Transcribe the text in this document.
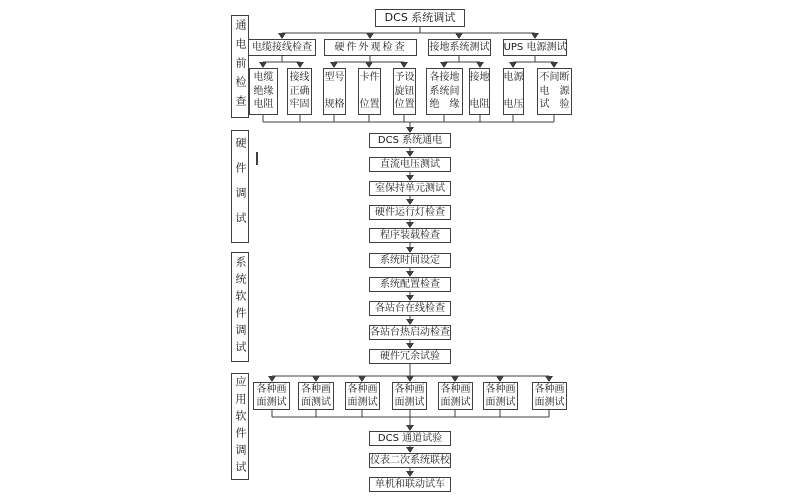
通电前检查
硬件调试
系统软件调试
应用软件调试
DCS 系统调试
电缆接线检查	硬件外观检查	接地系统测试 UPS 电源测试
电缆
绝缘
电阻
接线
正确
牢固
型号
规格
卡件
位置
予设
旋钮
位置
各接地
系统间
绝　缘
接地
电阻
电源
电压
不间断
电　源
试　验
DCS 系统通电
直流电压测试
室保持单元测试
硬件运行灯检查
程序装载检查
系统时间设定
系统配置检查
各站台在线检查
各站台热启动检查
硬件冗余试验
各种画面测试
各种画面测试
各种画面测试
各种画面测试
各种画面测试
各种画面测试
各种画面测试
DCS 通道试验
仪表二次系统联校
单机和联动试车
